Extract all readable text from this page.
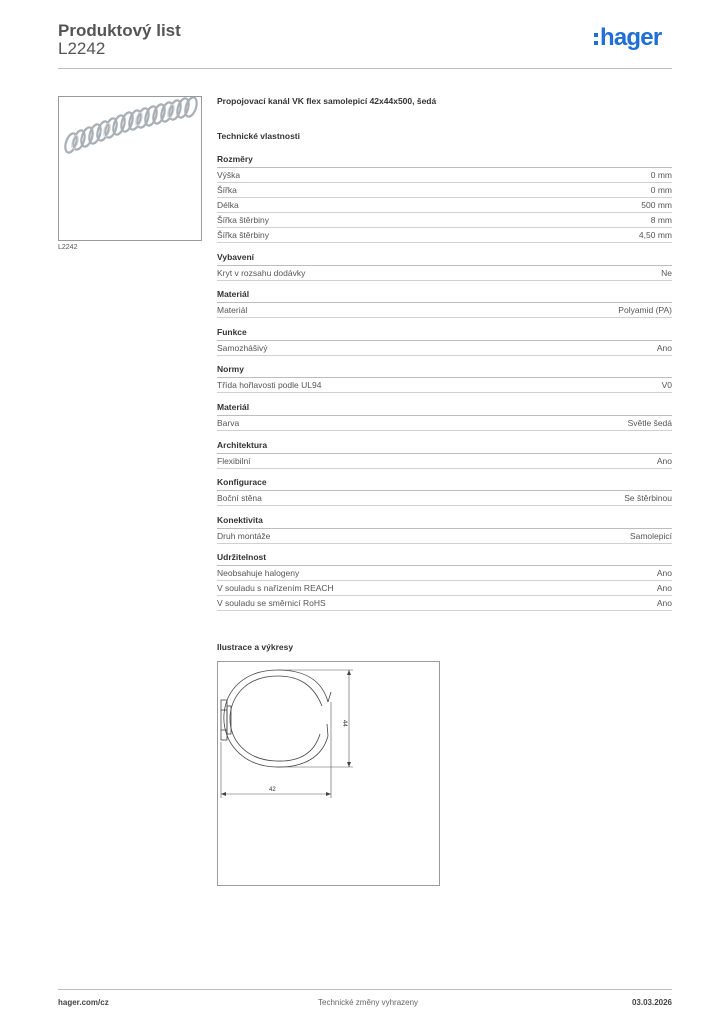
Produktový list
L2242	hager
L2242
Propojovací kanál VK flex samolepicí 42x44x500, šedá
Technické vlastnosti
Rozměry
Výška	0 mm
Šířka	0 mm
Délka	500 mm
Šířka štěrbiny	8 mm
Šířka štěrbiny	4,50 mm
Vybavení
Kryt v rozsahu dodávky	Ne
Materiál
Materiál	Polyamid (PA)
Funkce
Samozhášivý	Ano
Normy
Třída hořlavosti podle UL94	V0
Materiál
Barva	Světle šedá
Architektura
Flexibilní	Ano
Konfigurace
Boční stěna	Se štěrbinou
Konektivita
Druh montáže	Samolepicí
Udržitelnost
Neobsahuje halogeny	Ano
V souladu s nařízením REACH	Ano
V souladu se směrnicí RoHS	Ano
Ilustrace a výkresy
44
42
hager.com/cz	Technické změny vyhrazeny	03.03.2026
